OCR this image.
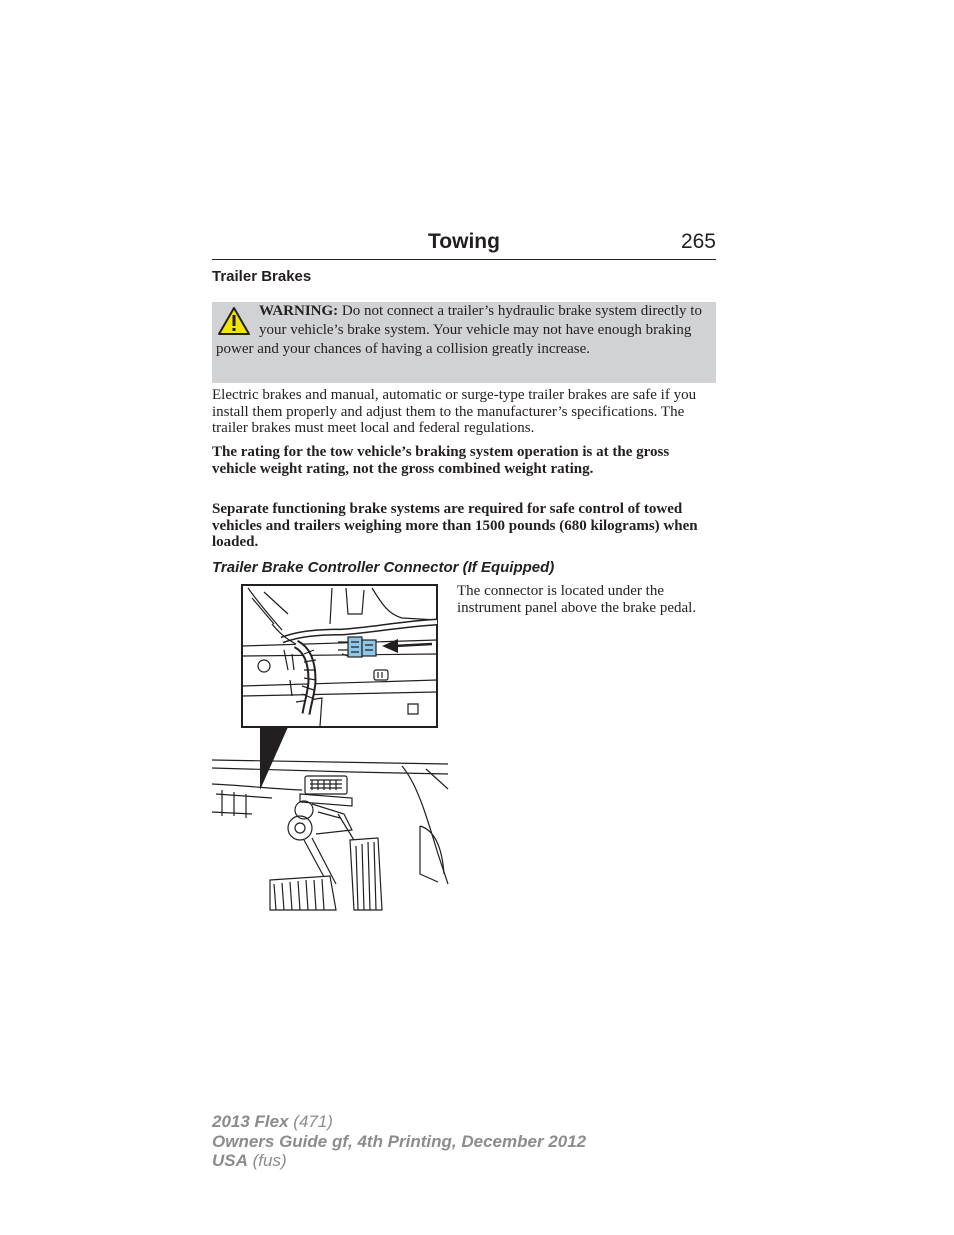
Towing	265
Trailer Brakes
WARNING: Do not connect a trailer’s hydraulic brake system directly to your vehicle’s brake system. Your vehicle may not have enough braking power and your chances of having a collision greatly increase.
Electric brakes and manual, automatic or surge-type trailer brakes are safe if you install them properly and adjust them to the manufacturer’s specifications. The trailer brakes must meet local and federal regulations.
The rating for the tow vehicle’s braking system operation is at the gross vehicle weight rating, not the gross combined weight rating.
Separate functioning brake systems are required for safe control of towed vehicles and trailers weighing more than 1500 pounds (680 kilograms) when loaded.
Trailer Brake Controller Connector (If Equipped)
The connector is located under the instrument panel above the brake pedal.
2013 Flex (471)
Owners Guide gf, 4th Printing, December 2012
USA (fus)
